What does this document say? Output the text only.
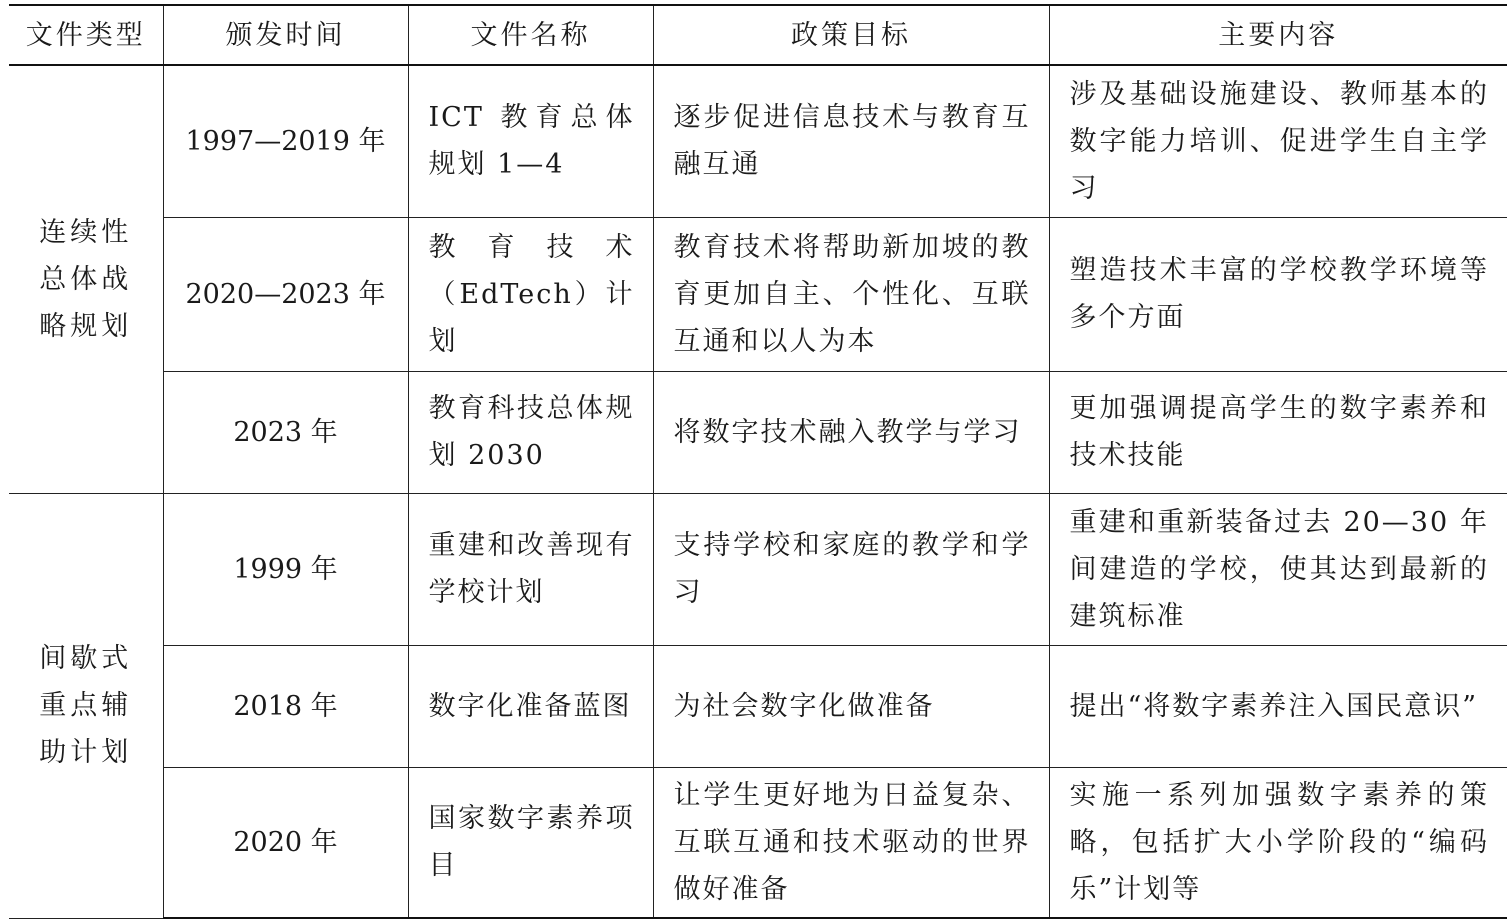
文件类型	颁发时间	文件名称	政策目标	主要内容
连续性总体战略规划	1997—2019 年	ICT 教育总体规划 1—4	逐步促进信息技术与教育互融互通	涉及基础设施建设、教师基本的数字能力培训、促进学生自主学习
	2020—2023 年	教育技术（EdTech）计划	教育技术将帮助新加坡的教育更加自主、个性化、互联互通和以人为本	塑造技术丰富的学校教学环境等多个方面
	2023 年	教育科技总体规划 2030	将数字技术融入教学与学习	更加强调提高学生的数字素养和技术技能
间歇式重点辅助计划	1999 年	重建和改善现有学校计划	支持学校和家庭的教学和学习	重建和重新装备过去 20—30 年间建造的学校，使其达到最新的建筑标准
	2018 年	数字化准备蓝图	为社会数字化做准备	提出“将数字素养注入国民意识”
	2020 年	国家数字素养项目	让学生更好地为日益复杂、互联互通和技术驱动的世界做好准备	实施一系列加强数字素养的策略，包括扩大小学阶段的“编码乐”计划等
